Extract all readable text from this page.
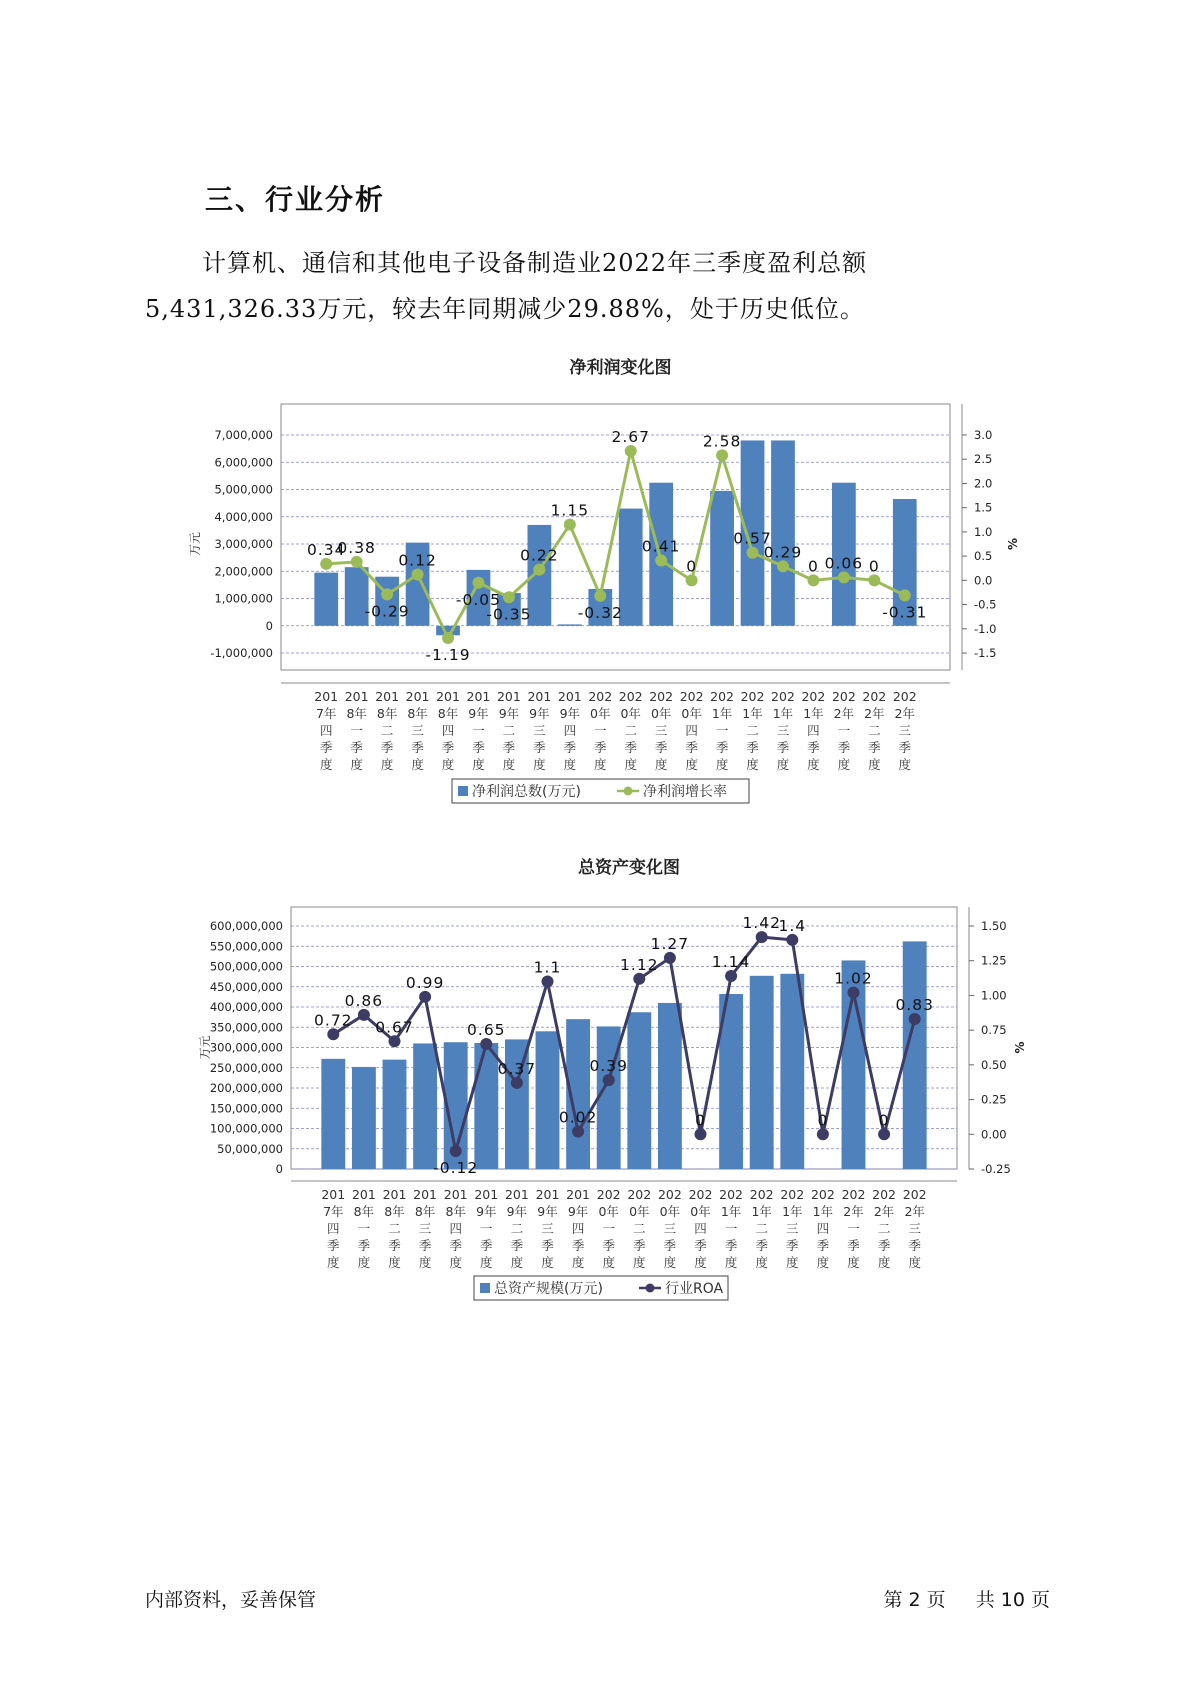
三、行业分析

计算机、通信和其他电子设备制造业2022年三季度盈利总额
5,431,326.33万元，较去年同期减少29.88%，处于历史低位。

净利润变化图
-1,000,000
0
1,000,000
2,000,000
3,000,000
4,000,000
5,000,000
6,000,000
7,000,000
-1.5
-1.0
-0.5
0.0
0.5
1.0
1.5
2.0
2.5
3.0
万元	%
0.34
0.38
-0.29
0.12
-1.19
-0.05
-0.35
0.22
1.15
-0.32
2.67
0.41
0
2.58
0.57
0.29
0 0.06 0
-0.31
201
7年
四
季
度
201
8年
一
季
度
201
8年
二
季
度
201
8年
三
季
度
201
8年
四
季
度
201
9年
一
季
度
201
9年
二
季
度
201
9年
三
季
度
201
9年
四
季
度
202
0年
一
季
度
202
0年
二
季
度
202
0年
三
季
度
202
0年
四
季
度
202
1年
一
季
度
202
1年
二
季
度
202
1年
三
季
度
202
1年
四
季
度
202
2年
一
季
度
202
2年
二
季
度
202
2年
三
季
度
净利润总数(万元)	净利润增长率
总资产变化图
0
50,000,000
100,000,000
150,000,000
200,000,000
250,000,000
300,000,000
350,000,000
400,000,000
450,000,000
500,000,000
550,000,000
600,000,000
-0.25
0.00
0.25
0.50
0.75
1.00
1.25
1.50
万元	%
0.72
0.86
0.67
0.99
-0.12
0.65
0.37
1.1
0.02
0.39
1.12
1.27
0
1.14
1.42
1.4
0
1.02
0
0.83
201
7年
四
季
度
201
8年
一
季
度
201
8年
二
季
度
201
8年
三
季
度
201
8年
四
季
度
201
9年
一
季
度
201
9年
二
季
度
201
9年
三
季
度
201
9年
四
季
度
202
0年
一
季
度
202
0年
二
季
度
202
0年
三
季
度
202
0年
四
季
度
202
1年
一
季
度
202
1年
二
季
度
202
1年
三
季
度
202
1年
四
季
度
202
2年
一
季
度
202
2年
二
季
度
202
2年
三
季
度
总资产规模(万元)	行业ROA

内部资料，妥善保管	第 2 页 共 10 页
